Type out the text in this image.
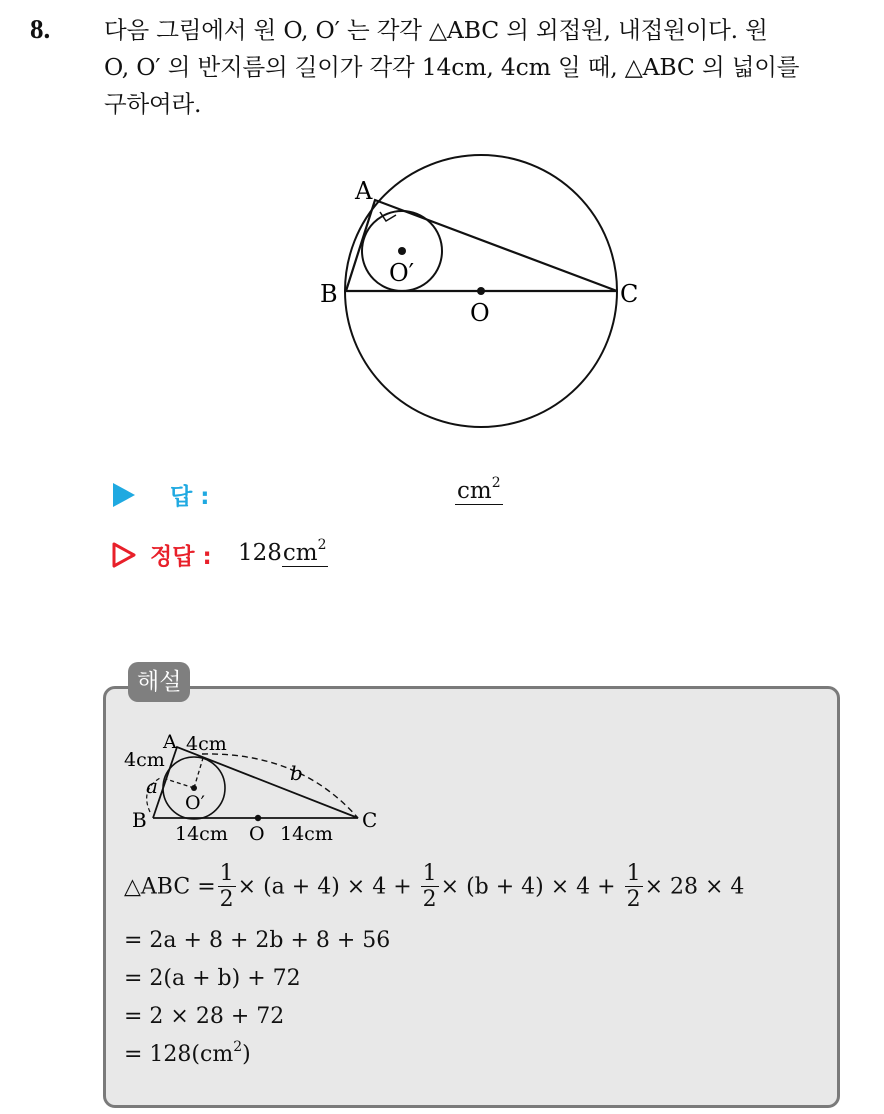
8. 다음 그림에서 원 O, O′ 는 각각 △ABC 의 외접원, 내접원이다. 원
O, O′ 의 반지름의 길이가 각각 14cm, 4cm 일 때, △ABC 의 넓이를
구하여라.
A
B	C
O
O′
답 :	$cm^2$
정답 : $128cm^2$
해설
A 4cm
4cm
a
b
O′
B	C
O
14cm	14cm
△ABC = $\frac{1}{2} \times (a + 4) \times 4 + \frac{1}{2} \times (b + 4) \times 4 + \frac{1}{2} \times 28 \times 4$
= 2a + 8 + 2b + 8 + 56
= 2(a + b) + 72
= 2 × 28 + 72
= $128(cm^2)$
